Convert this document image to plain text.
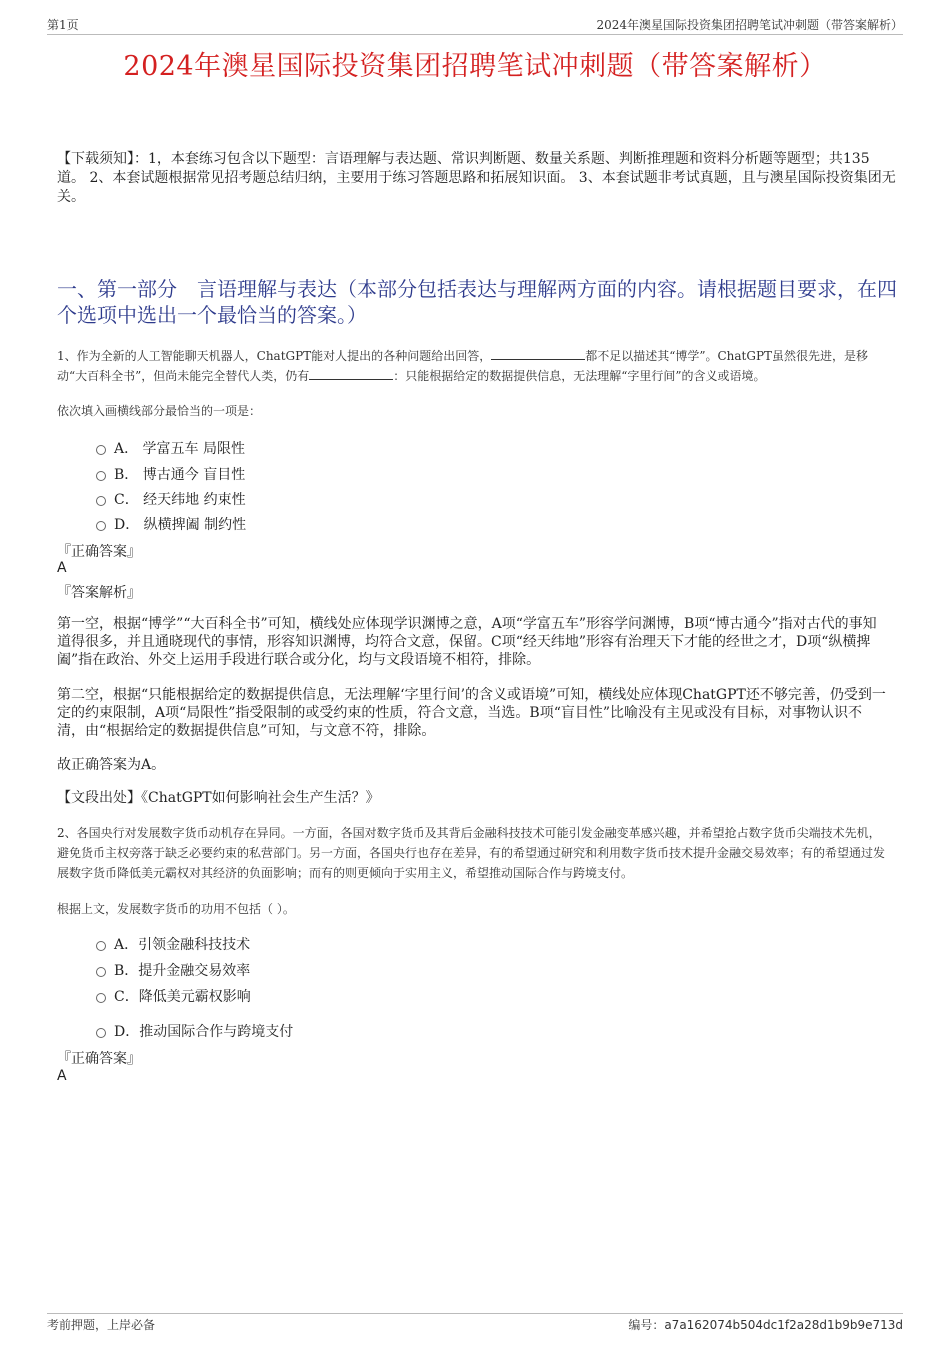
第1页	2024年澳星国际投资集团招聘笔试冲刺题（带答案解析）
2024年澳星国际投资集团招聘笔试冲刺题（带答案解析）
【下载须知】：1，本套练习包含以下题型：言语理解与表达题、常识判断题、数量关系题、判断推理题和资料分析题等题型；共135道。 2、本套试题根据常见招考题总结归纳，主要用于练习答题思路和拓展知识面。 3、本套试题非考试真题，且与澳星国际投资集团无关。
一、第一部分　言语理解与表达（本部分包括表达与理解两方面的内容。请根据题目要求，在四个选项中选出一个最恰当的答案。）
1、作为全新的人工智能聊天机器人，ChatGPT能对人提出的各种问题给出回答，	都不足以描述其“博学”。ChatGPT虽然很先进，是移动“大百科全书”，但尚未能完全替代人类，仍有	：只能根据给定的数据提供信息，无法理解“字里行间”的含义或语境。
依次填入画横线部分最恰当的一项是：
A． 学富五车 局限性
B． 博古通今 盲目性
C． 经天纬地 约束性
D． 纵横捭阖 制约性
『正确答案』
A
『答案解析』
第一空，根据“博学”“大百科全书”可知，横线处应体现学识渊博之意，A项“学富五车”形容学问渊博，B项“博古通今”指对古代的事知道得很多，并且通晓现代的事情，形容知识渊博，均符合文意，保留。C项“经天纬地”形容有治理天下才能的经世之才，D项“纵横捭阖”指在政治、外交上运用手段进行联合或分化，均与文段语境不相符，排除。
第二空，根据“只能根据给定的数据提供信息，无法理解‘字里行间’的含义或语境”可知，横线处应体现ChatGPT还不够完善，仍受到一定的约束限制，A项“局限性”指受限制的或受约束的性质，符合文意，当选。B项“盲目性”比喻没有主见或没有目标，对事物认识不清，由“根据给定的数据提供信息”可知，与文意不符，排除。
故正确答案为A。
【文段出处】《ChatGPT如何影响社会生产生活？》
2、各国央行对发展数字货币动机存在异同。一方面，各国对数字货币及其背后金融科技技术可能引发金融变革感兴趣，并希望抢占数字货币尖端技术先机，避免货币主权旁落于缺乏必要约束的私营部门。另一方面，各国央行也存在差异，有的希望通过研究和利用数字货币技术提升金融交易效率；有的希望通过发展数字货币降低美元霸权对其经济的负面影响；而有的则更倾向于实用主义，希望推动国际合作与跨境支付。
根据上文，发展数字货币的功用不包括（ ）。
A．引领金融科技技术
B．提升金融交易效率
C．降低美元霸权影响
D．推动国际合作与跨境支付
『正确答案』
A
考前押题，上岸必备	编号：a7a162074b504dc1f2a28d1b9b9e713d
